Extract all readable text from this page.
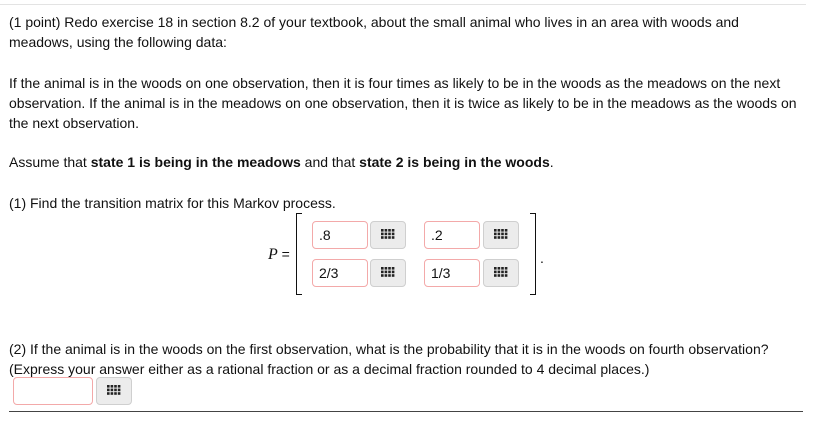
(1 point) Redo exercise 18 in section 8.2 of your textbook, about the small animal who lives in an area with woods and meadows, using the following data:
If the animal is in the woods on one observation, then it is four times as likely to be in the woods as the meadows on the next observation. If the animal is in the meadows on one observation, then it is twice as likely to be in the meadows as the woods on the next observation.
Assume that state 1 is being in the meadows and that state 2 is being in the woods.
(1) Find the transition matrix for this Markov process.
P =
.8
.2
2/3
1/3	.
(2) If the animal is in the woods on the first observation, what is the probability that it is in the woods on fourth observation? (Express your answer either as a rational fraction or as a decimal fraction rounded to 4 decimal places.)
